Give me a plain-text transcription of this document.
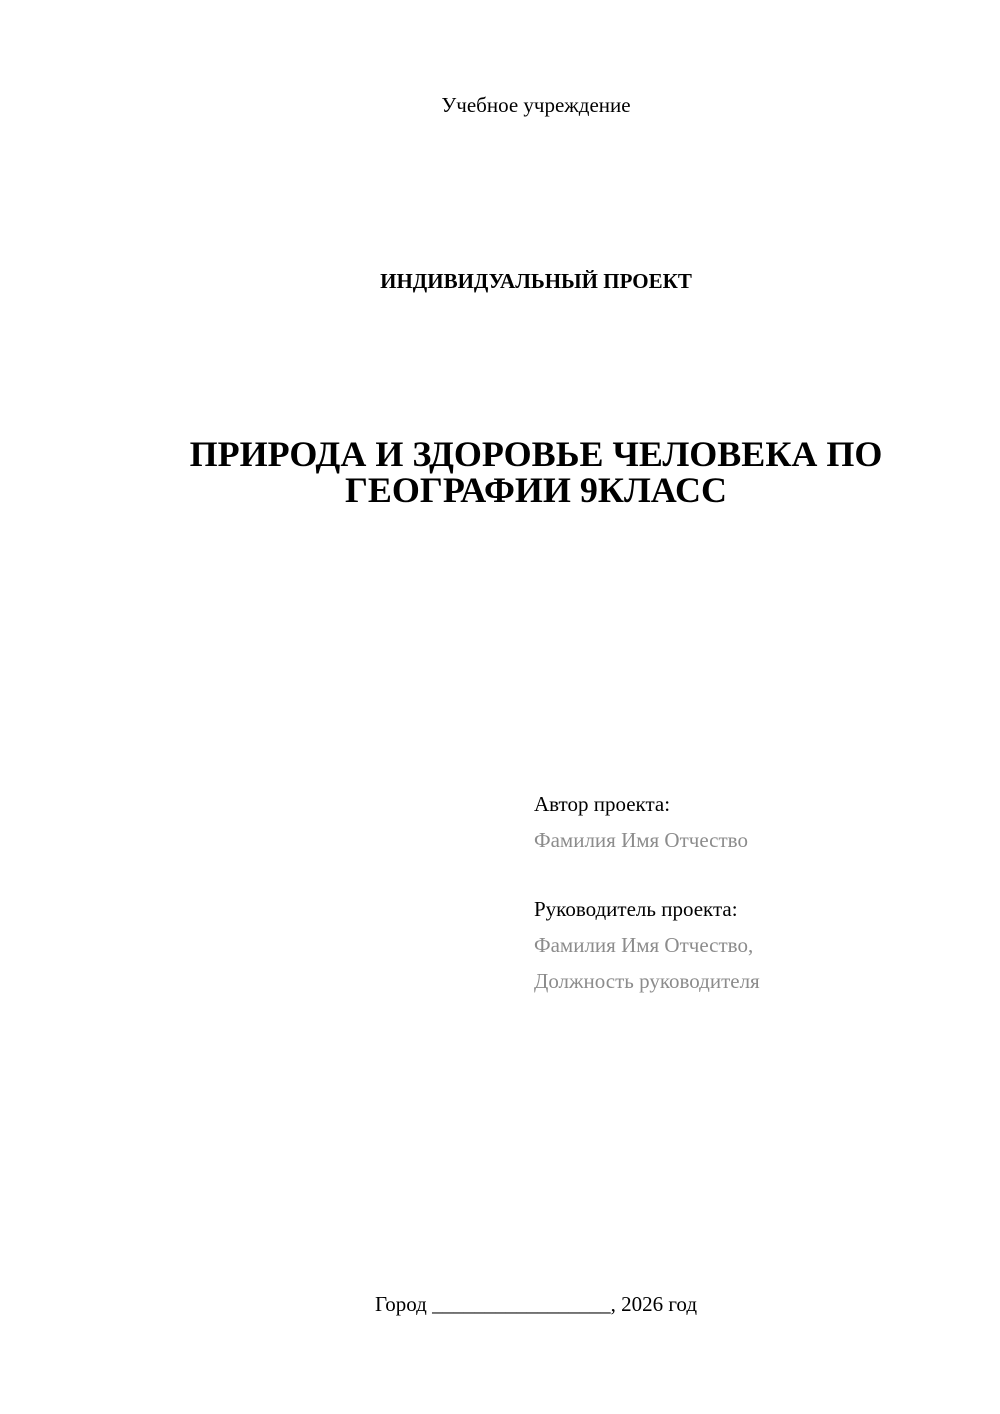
Учебное учреждение
ИНДИВИДУАЛЬНЫЙ ПРОЕКТ
ПРИРОДА И ЗДОРОВЬЕ ЧЕЛОВЕКА ПО
ГЕОГРАФИИ 9КЛАСС
Автор проекта:
Фамилия Имя Отчество
Руководитель проекта:
Фамилия Имя Отчество,
Должность руководителя
Город _________________, 2026 год
